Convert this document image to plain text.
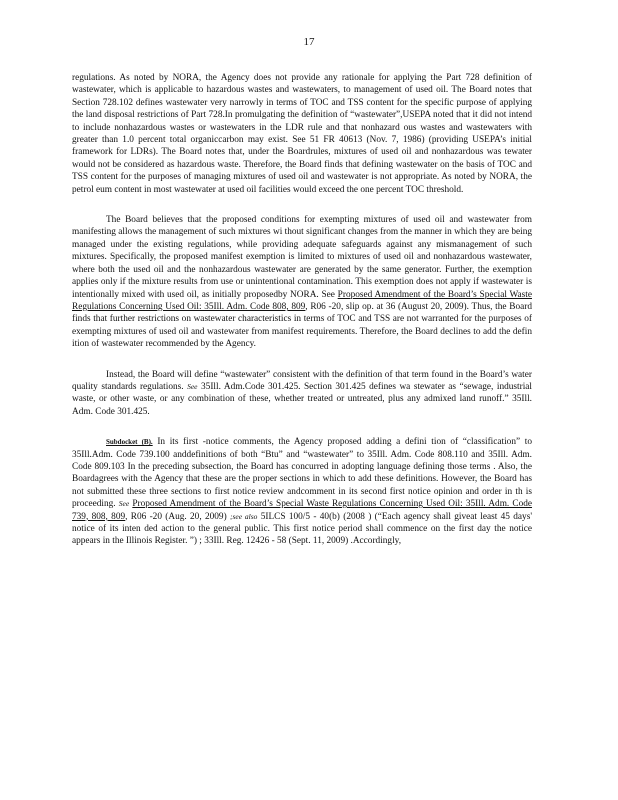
17

regulations. As noted by NORA, the Agency does not provide any rationale for applying the Part 728 definition of wastewater, which is applicable to hazardous wastes and wastewaters, to management of used oil. The Board notes that Section 728.102 defines wastewater very narrowly in terms of TOC and TSS content for the specific purpose of applying the land disposal restrictions of Part 728.In promulgating the definition of “wastewater”,USEPA noted that it did not intend to include nonhazardous wastes or wastewaters in the LDR rule and that nonhazard ous wastes and wastewaters with greater than 1.0 percent total organiccarbon may exist. See 51 FR 40613 (Nov. 7, 1986) (providing USEPA’s initial framework for LDRs). The Board notes that, under the Boardrules, mixtures of used oil and nonhazardous was tewater would not be considered as hazardous waste. Therefore, the Board finds that defining wastewater on the basis of TOC and TSS content for the purposes of managing mixtures of used oil and wastewater is not appropriate. As noted by NORA, the petrol eum content in most wastewater at used oil facilities would exceed the one percent TOC threshold.

The Board believes that the proposed conditions for exempting mixtures of used oil and wastewater from manifesting allows the management of such mixtures wi thout significant changes from the manner in which they are being managed under the existing regulations, while providing adequate safeguards against any mismanagement of such mixtures. Specifically, the proposed manifest exemption is limited to mixtures of used oil and nonhazardous wastewater, where both the used oil and the nonhazardous wastewater are generated by the same generator. Further, the exemption applies only if the mixture results from use or unintentional contamination. This exemption does not apply if wastewater is intentionally mixed with used oil, as initially proposedby NORA. See Proposed Amendment of the Board’s Special Waste Regulations Concerning Used Oil: 35Ill. Adm. Code 808, 809, R06 -20, slip op. at 36 (August 20, 2009). Thus, the Board finds that further restrictions on wastewater characteristics in terms of TOC and TSS are not warranted for the purposes of exempting mixtures of used oil and wastewater from manifest requirements. Therefore, the Board declines to add the defin ition of wastewater recommended by the Agency.

Instead, the Board will define “wastewater” consistent with the definition of that term found in the Board’s water quality standards regulations. See 35Ill. Adm.Code 301.425. Section 301.425 defines wa stewater as “sewage, industrial waste, or other waste, or any combination of these, whether treated or untreated, plus any admixed land runoff.” 35Ill. Adm. Code 301.425.

Subdocket (B). In its first -notice comments, the Agency proposed adding a defini tion of “classification” to 35Ill.Adm. Code 739.100 anddefinitions of both “Btu” and “wastewater” to 35Ill. Adm. Code 808.110 and 35Ill. Adm. Code 809.103 In the preceding subsection, the Board has concurred in adopting language defining those terms . Also, the Boardagrees with the Agency that these are the proper sections in which to add these definitions. However, the Board has not submitted these three sections to first notice review andcomment in its second first notice opinion and order in th is proceeding. See Proposed Amendment of the Board’s Special Waste Regulations Concerning Used Oil: 35Ill. Adm. Code 739, 808, 809, R06 -20 (Aug. 20, 2009) ;see also 5ILCS 100/5 - 40(b) (2008 ) (“Each agency shall giveat least 45 days' notice of its inten ded action to the general public. This first notice period shall commence on the first day the notice appears in the Illinois Register. ”) ; 33Ill. Reg. 12426 - 58 (Sept. 11, 2009) .Accordingly,
